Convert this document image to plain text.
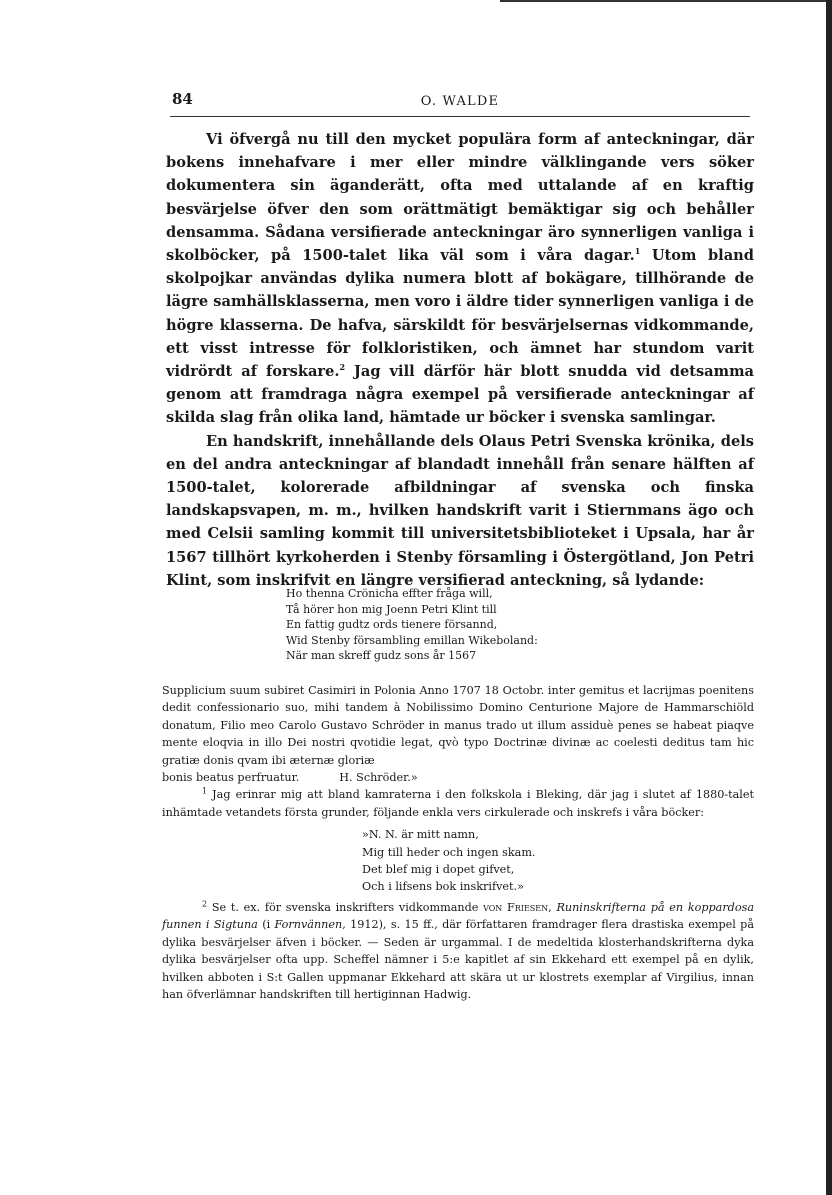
84	O. WALDE

Vi öfvergå nu till den mycket populära form af anteckningar, där bokens innehafvare i mer eller mindre välklingande vers söker dokumentera sin äganderätt, ofta med uttalande af en kraftig besvärjelse öfver den som orättmätigt bemäktigar sig och behåller densamma. Sådana versifierade anteckningar äro synnerligen vanliga i skolböcker, på 1500-talet lika väl som i våra dagar.$^1$ Utom bland skolpojkar användas dylika numera blott af bokägare, tillhörande de lägre samhällsklasserna, men voro i äldre tider synnerligen vanliga i de högre klasserna. De hafva, särskildt för besvärjelsernas vidkommande, ett visst intresse för folkloristiken, och ämnet har stundom varit vidrördt af forskare.$^2$ Jag vill därför här blott snudda vid detsamma genom att framdraga några exempel på versifierade anteckningar af skilda slag från olika land, hämtade ur böcker i svenska samlingar.

En handskrift, innehållande dels Olaus Petri Svenska krönika, dels en del andra anteckningar af blandadt innehåll från senare hälften af 1500-talet, kolorerade afbildningar af svenska och finska landskapsvapen, m. m., hvilken handskrift varit i Stiernmans ägo och med Celsii samling kommit till universitetsbiblioteket i Upsala, har år 1567 tillhört kyrkoherden i Stenby församling i Östergötland, Jon Petri Klint, som inskrifvit en längre versifierad anteckning, så lydande:

Ho thenna Crönicha effter fråga will,
Tå hörer hon mig Joenn Petri Klint till
En fattig gudtz ords tienere försannd,
Wid Stenby försambling emillan Wikeboland:
När man skreff gudz sons år 1567

Supplicium suum subiret Casimiri in Polonia Anno 1707 18 Octobr. inter gemitus et lacrijmas poenitens dedit confessionario suo, mihi tandem à Nobilissimo Domino Centurione Majore de Hammarschiöld donatum, Filio meo Carolo Gustavo Schröder in manus trado ut illum assiduè penes se habeat piaqve mente eloqvia in illo Dei nostri qvotidie legat, qvò typo Doctrinæ divinæ ac coelesti deditus tam hic gratiæ donis qvam ibi æternæ gloriæ

bonis beatus perfruatur.	H. Schröder.»

$^1$ Jag erinrar mig att bland kamraterna i den folkskola i Bleking, där jag i slutet af 1880-talet inhämtade vetandets första grunder, följande enkla vers cirkulerade och inskrefs i våra böcker:

»N. N. är mitt namn,
Mig till heder och ingen skam.
Det blef mig i dopet gifvet,
Och i lifsens bok inskrifvet.»

$^2$ Se t. ex. för svenska inskrifters vidkommande von Friesen, Runinskrifterna på en koppardosa funnen i Sigtuna (i Fornvännen, 1912), s. 15 ff., där författaren framdrager flera drastiska exempel på dylika besvärjelser äfven i böcker. — Seden är urgammal. I de medeltida klosterhandskrifterna dyka dylika besvärjelser ofta upp. Scheffel nämner i 5:e kapitlet af sin Ekkehard ett exempel på en dylik, hvilken abboten i S:t Gallen uppmanar Ekkehard att skära ut ur klostrets exemplar af Virgilius, innan han öfverlämnar handskriften till hertiginnan Hadwig.
